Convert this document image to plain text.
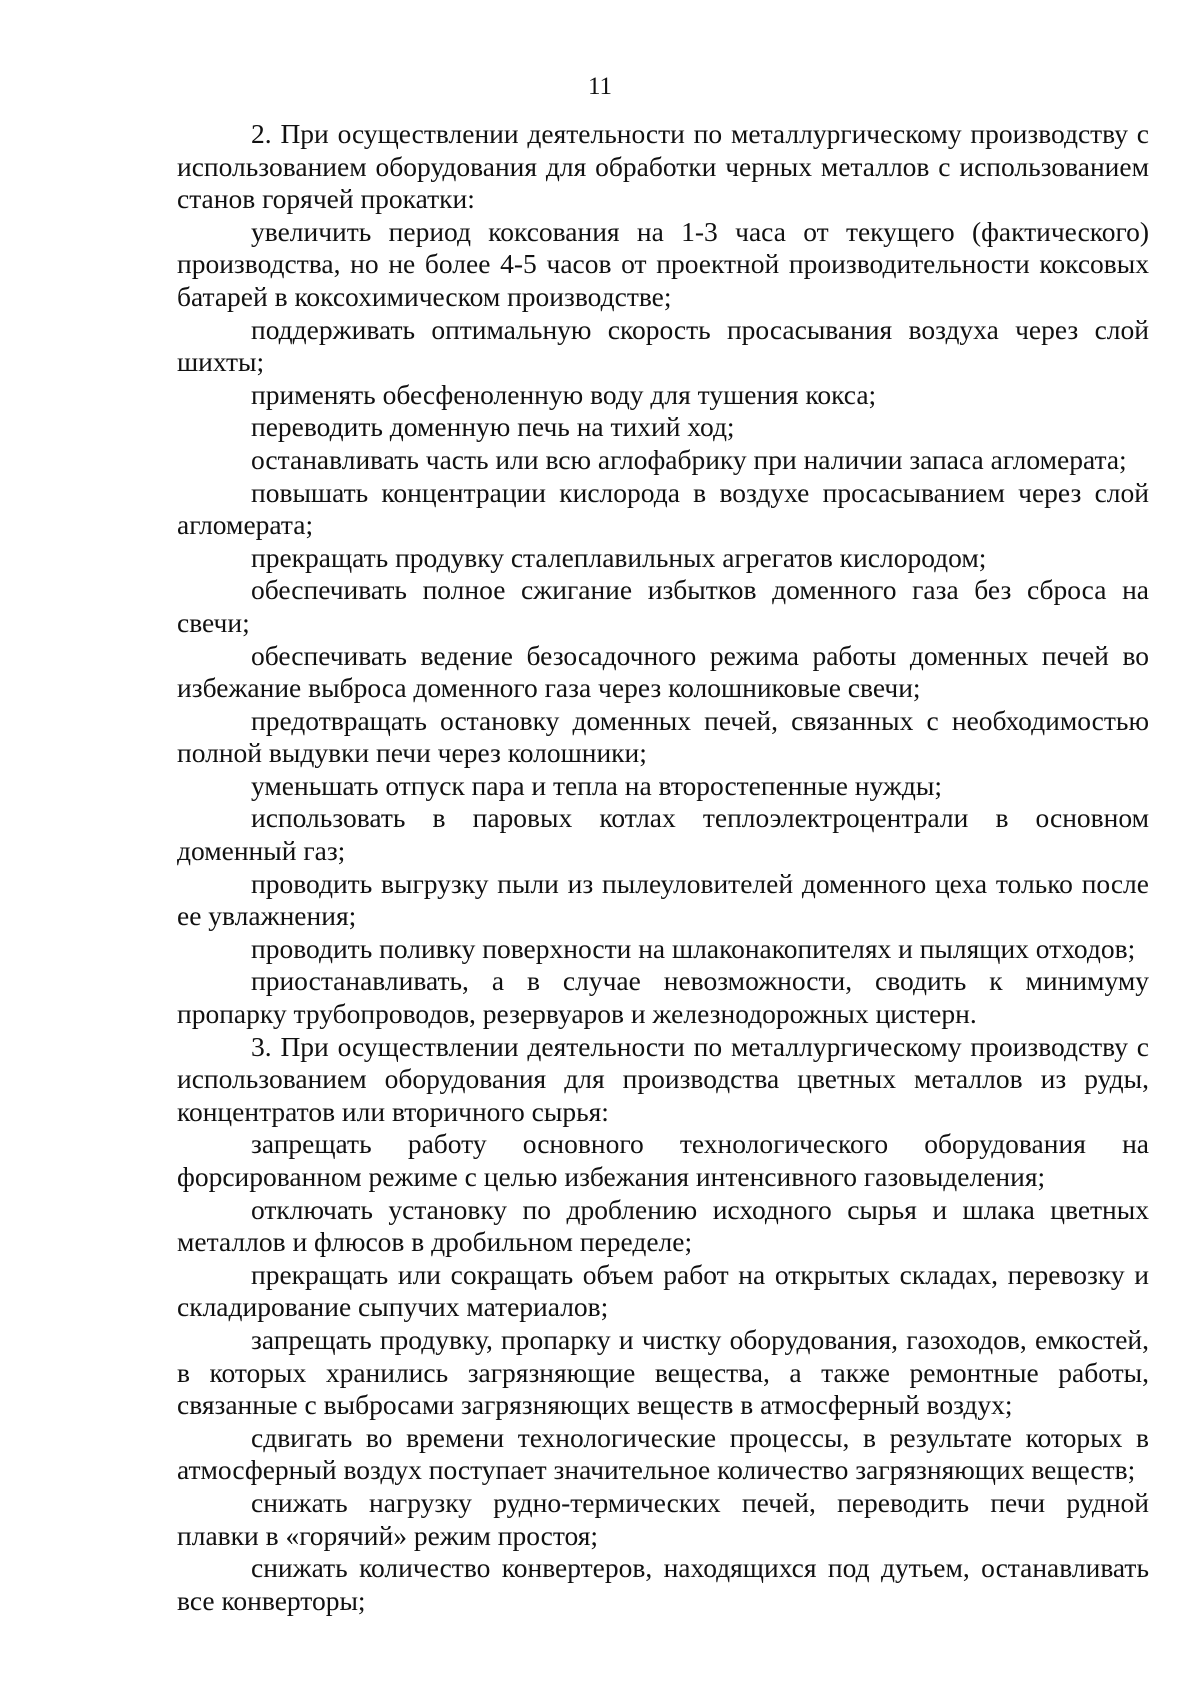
11

2. При осуществлении деятельности по металлургическому производству с использованием оборудования для обработки черных металлов с использованием станов горячей прокатки:

увеличить период коксования на 1-3 часа от текущего (фактического) производства, но не более 4-5 часов от проектной производительности коксовых батарей в коксохимическом производстве;

поддерживать оптимальную скорость просасывания воздуха через слой шихты;

применять обесфеноленную воду для тушения кокса;

переводить доменную печь на тихий ход;

останавливать часть или всю аглофабрику при наличии запаса агломерата;

повышать концентрации кислорода в воздухе просасыванием через слой агломерата;

прекращать продувку сталеплавильных агрегатов кислородом;

обеспечивать полное сжигание избытков доменного газа без сброса на свечи;

обеспечивать ведение безосадочного режима работы доменных печей во избежание выброса доменного газа через колошниковые свечи;

предотвращать остановку доменных печей, связанных с необходимостью полной выдувки печи через колошники;

уменьшать отпуск пара и тепла на второстепенные нужды;

использовать в паровых котлах теплоэлектроцентрали в основном доменный газ;

проводить выгрузку пыли из пылеуловителей доменного цеха только после ее увлажнения;

проводить поливку поверхности на шлаконакопителях и пылящих отходов;

приостанавливать, а в случае невозможности, сводить к минимуму пропарку трубопроводов, резервуаров и железнодорожных цистерн.

3. При осуществлении деятельности по металлургическому производству с использованием оборудования для производства цветных металлов из руды, концентратов или вторичного сырья:

запрещать работу основного технологического оборудования на форсированном режиме с целью избежания интенсивного газовыделения;

отключать установку по дроблению исходного сырья и шлака цветных металлов и флюсов в дробильном переделе;

прекращать или сокращать объем работ на открытых складах, перевозку и складирование сыпучих материалов;

запрещать продувку, пропарку и чистку оборудования, газоходов, емкостей, в которых хранились загрязняющие вещества, а также ремонтные работы, связанные с выбросами загрязняющих веществ в атмосферный воздух;

сдвигать во времени технологические процессы, в результате которых в атмосферный воздух поступает значительное количество загрязняющих веществ;

снижать нагрузку рудно-термических печей, переводить печи рудной плавки в «горячий» режим простоя;

снижать количество конвертеров, находящихся под дутьем, останавливать все конверторы;
